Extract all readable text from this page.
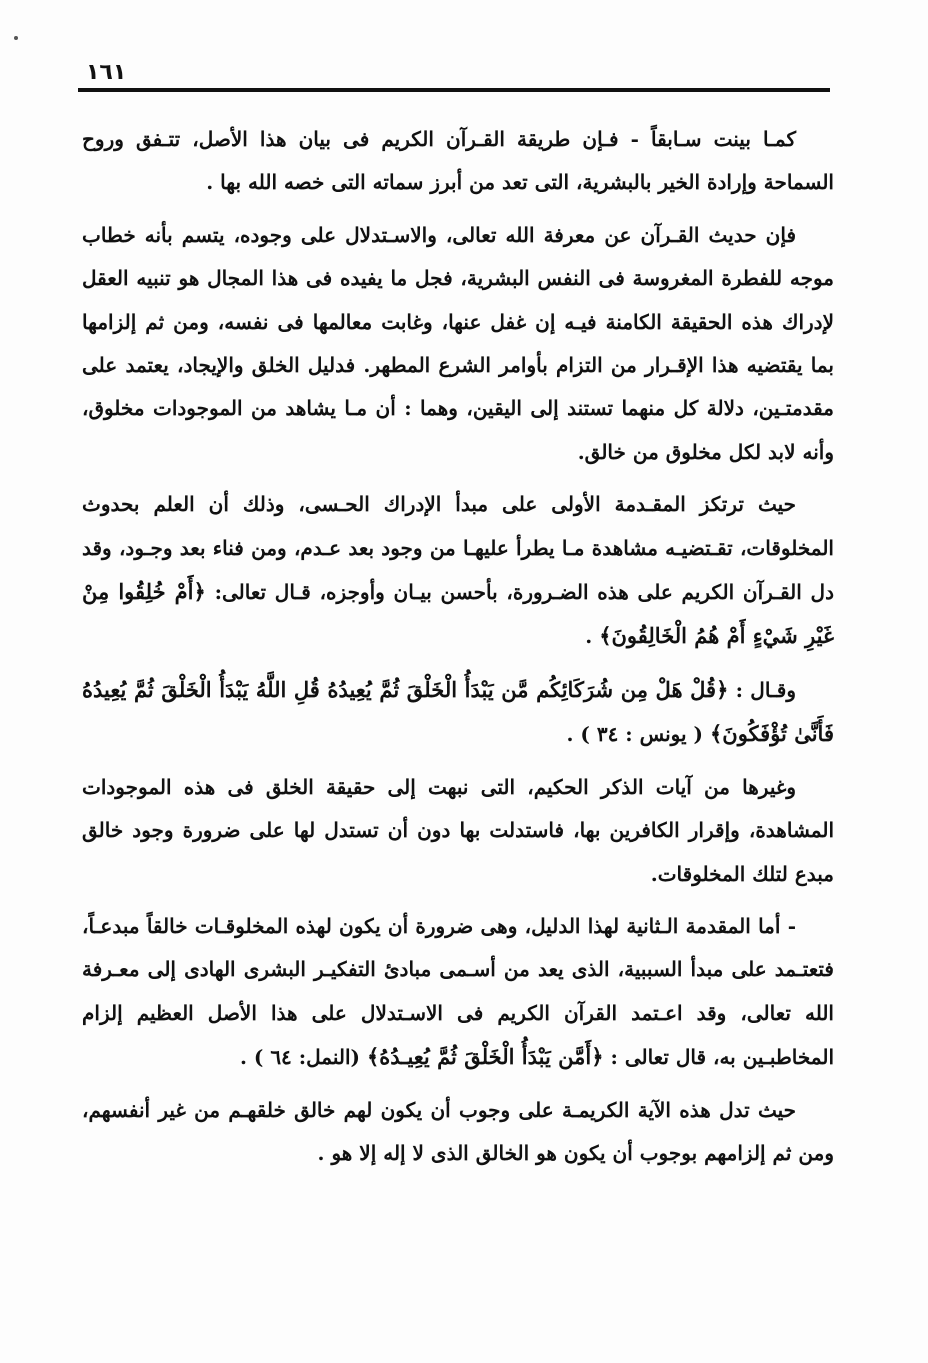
١٦١

كمـا بينت سـابقاً - فـإن طريقة القـرآن الكريم فى بيان هذا الأصل، تتـفق وروح السماحة وإرادة الخير بالبشرية، التى تعد من أبرز سماته التى خصه الله بها .

فإن حديث القـرآن عن معرفة الله تعالى، والاسـتدلال على وجوده، يتسم بأنه خطاب موجه للفطرة المغروسة فى النفس البشرية، فجل ما يفيده فى هذا المجال هو تنبيه العقل لإدراك هذه الحقيقة الكامنة فيـه إن غفل عنها، وغابت معالمها فى نفسه، ومن ثم إلزامها بما يقتضيه هذا الإقـرار من التزام بأوامر الشرع المطهر. فدليل الخلق والإيجاد، يعتمد على مقدمتـين، دلالة كل منهما تستند إلى اليقين، وهما : أن مـا يشاهد من الموجودات مخلوق، وأنه لابد لكل مخلوق من خالق.

حيث ترتكز المقـدمة الأولى على مبدأ الإدراك الحـسى، وذلك أن العلم بحدوث المخلوقات، تقـتضيـه مشاهدة مـا يطرأ عليهـا من وجود بعد عـدم، ومن فناء بعد وجـود، وقد دل القـرآن الكريم على هذه الضـرورة، بأحسن بيـان وأوجزه، قـال تعالى: ﴿أَمْ خُلِقُوا مِنْ غَيْرِ شَيْءٍ أَمْ هُمُ الْخَالِقُونَ﴾ .

وقـال : ﴿قُلْ هَلْ مِن شُرَكَائِكُم مَّن يَبْدَأُ الْخَلْقَ ثُمَّ يُعِيدُهُ قُلِ اللَّهُ يَبْدَأُ الْخَلْقَ ثُمَّ يُعِيدُهُ فَأَنَّىٰ تُؤْفَكُونَ﴾ ( يونس : ٣٤ ) .

وغيرها من آيات الذكر الحكيم، التى نبهت إلى حقيقة الخلق فى هذه الموجودات المشاهدة، وإقرار الكافرين بها، فاستدلت بها دون أن تستدل لها على ضرورة وجود خالق مبدع لتلك المخلوقات.

- أما المقدمة الـثانية لهذا الدليل، وهى ضرورة أن يكون لهذه المخلوقـات خالقاً مبدعـاً، فتعتـمد على مبدأ السببية، الذى يعد من أسـمى مبادئ التفكيـر البشرى الهادى إلى معـرفة الله تعالى، وقد اعـتمد القرآن الكريم فى الاسـتدلال على هذا الأصل العظيم إلزام المخاطبـين به، قال تعالى : ﴿أَمَّن يَبْدَأُ الْخَلْقَ ثُمَّ يُعِيـدُهُ﴾ (النمل: ٦٤ ) .

حيث تدل هذه الآية الكريمـة على وجوب أن يكون لهم خالق خلقهـم من غير أنفسهم، ومن ثم إلزامهم بوجوب أن يكون هو الخالق الذى لا إله إلا هو .
